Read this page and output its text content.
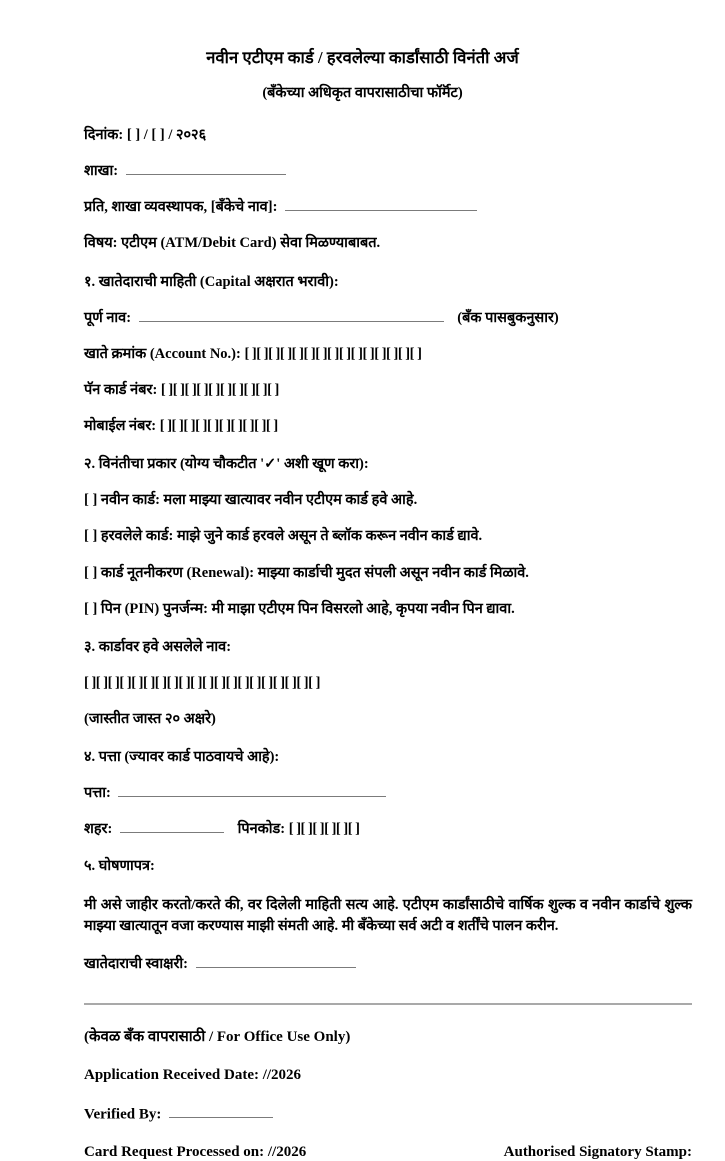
नवीन एटीएम कार्ड / हरवलेल्या कार्डांसाठी विनंती अर्ज
(बँकेच्या अधिकृत वापरासाठीचा फॉर्मॅट)
दिनांक: [ ] / [ ] / २०२६
शाखा:
प्रति, शाखा व्यवस्थापक, [बँकेचे नाव]:
विषय: एटीएम (ATM/Debit Card) सेवा मिळण्याबाबत.
१. खातेदाराची माहिती (Capital अक्षरात भरावी):
पूर्ण नाव:	(बँक पासबुकनुसार)
खाते क्रमांक (Account No.): [ ][ ][ ][ ][ ][ ][ ][ ][ ][ ][ ][ ][ ][ ][ ]
पॅन कार्ड नंबर: [ ][ ][ ][ ][ ][ ][ ][ ][ ][ ]
मोबाईल नंबर: [ ][ ][ ][ ][ ][ ][ ][ ][ ][ ]
२. विनंतीचा प्रकार (योग्य चौकटीत '✓' अशी खूण करा):
[ ] नवीन कार्ड: मला माझ्या खात्यावर नवीन एटीएम कार्ड हवे आहे.
[ ] हरवलेले कार्ड: माझे जुने कार्ड हरवले असून ते ब्लॉक करून नवीन कार्ड द्यावे.
[ ] कार्ड नूतनीकरण (Renewal): माझ्या कार्डाची मुदत संपली असून नवीन कार्ड मिळावे.
[ ] पिन (PIN) पुनर्जन्म: मी माझा एटीएम पिन विसरलो आहे, कृपया नवीन पिन द्यावा.
३. कार्डावर हवे असलेले नाव:
[ ][ ][ ][ ][ ][ ][ ][ ][ ][ ][ ][ ][ ][ ][ ][ ][ ][ ][ ][ ]
(जास्तीत जास्त २० अक्षरे)
४. पत्ता (ज्यावर कार्ड पाठवायचे आहे):
पत्ता:
शहर:	पिनकोड: [ ][ ][ ][ ][ ][ ]
५. घोषणापत्र:
मी असे जाहीर करतो/करते की, वर दिलेली माहिती सत्य आहे. एटीएम कार्डांसाठीचे वार्षिक शुल्क व नवीन कार्डाचे शुल्क माझ्या खात्यातून वजा करण्यास माझी संमती आहे. मी बँकेच्या सर्व अटी व शर्तींचे पालन करीन.
खातेदाराची स्वाक्षरी:
(केवळ बँक वापरासाठी / For Office Use Only)
Application Received Date: //2026
Verified By:
Card Request Processed on: //2026	Authorised Signatory Stamp:
